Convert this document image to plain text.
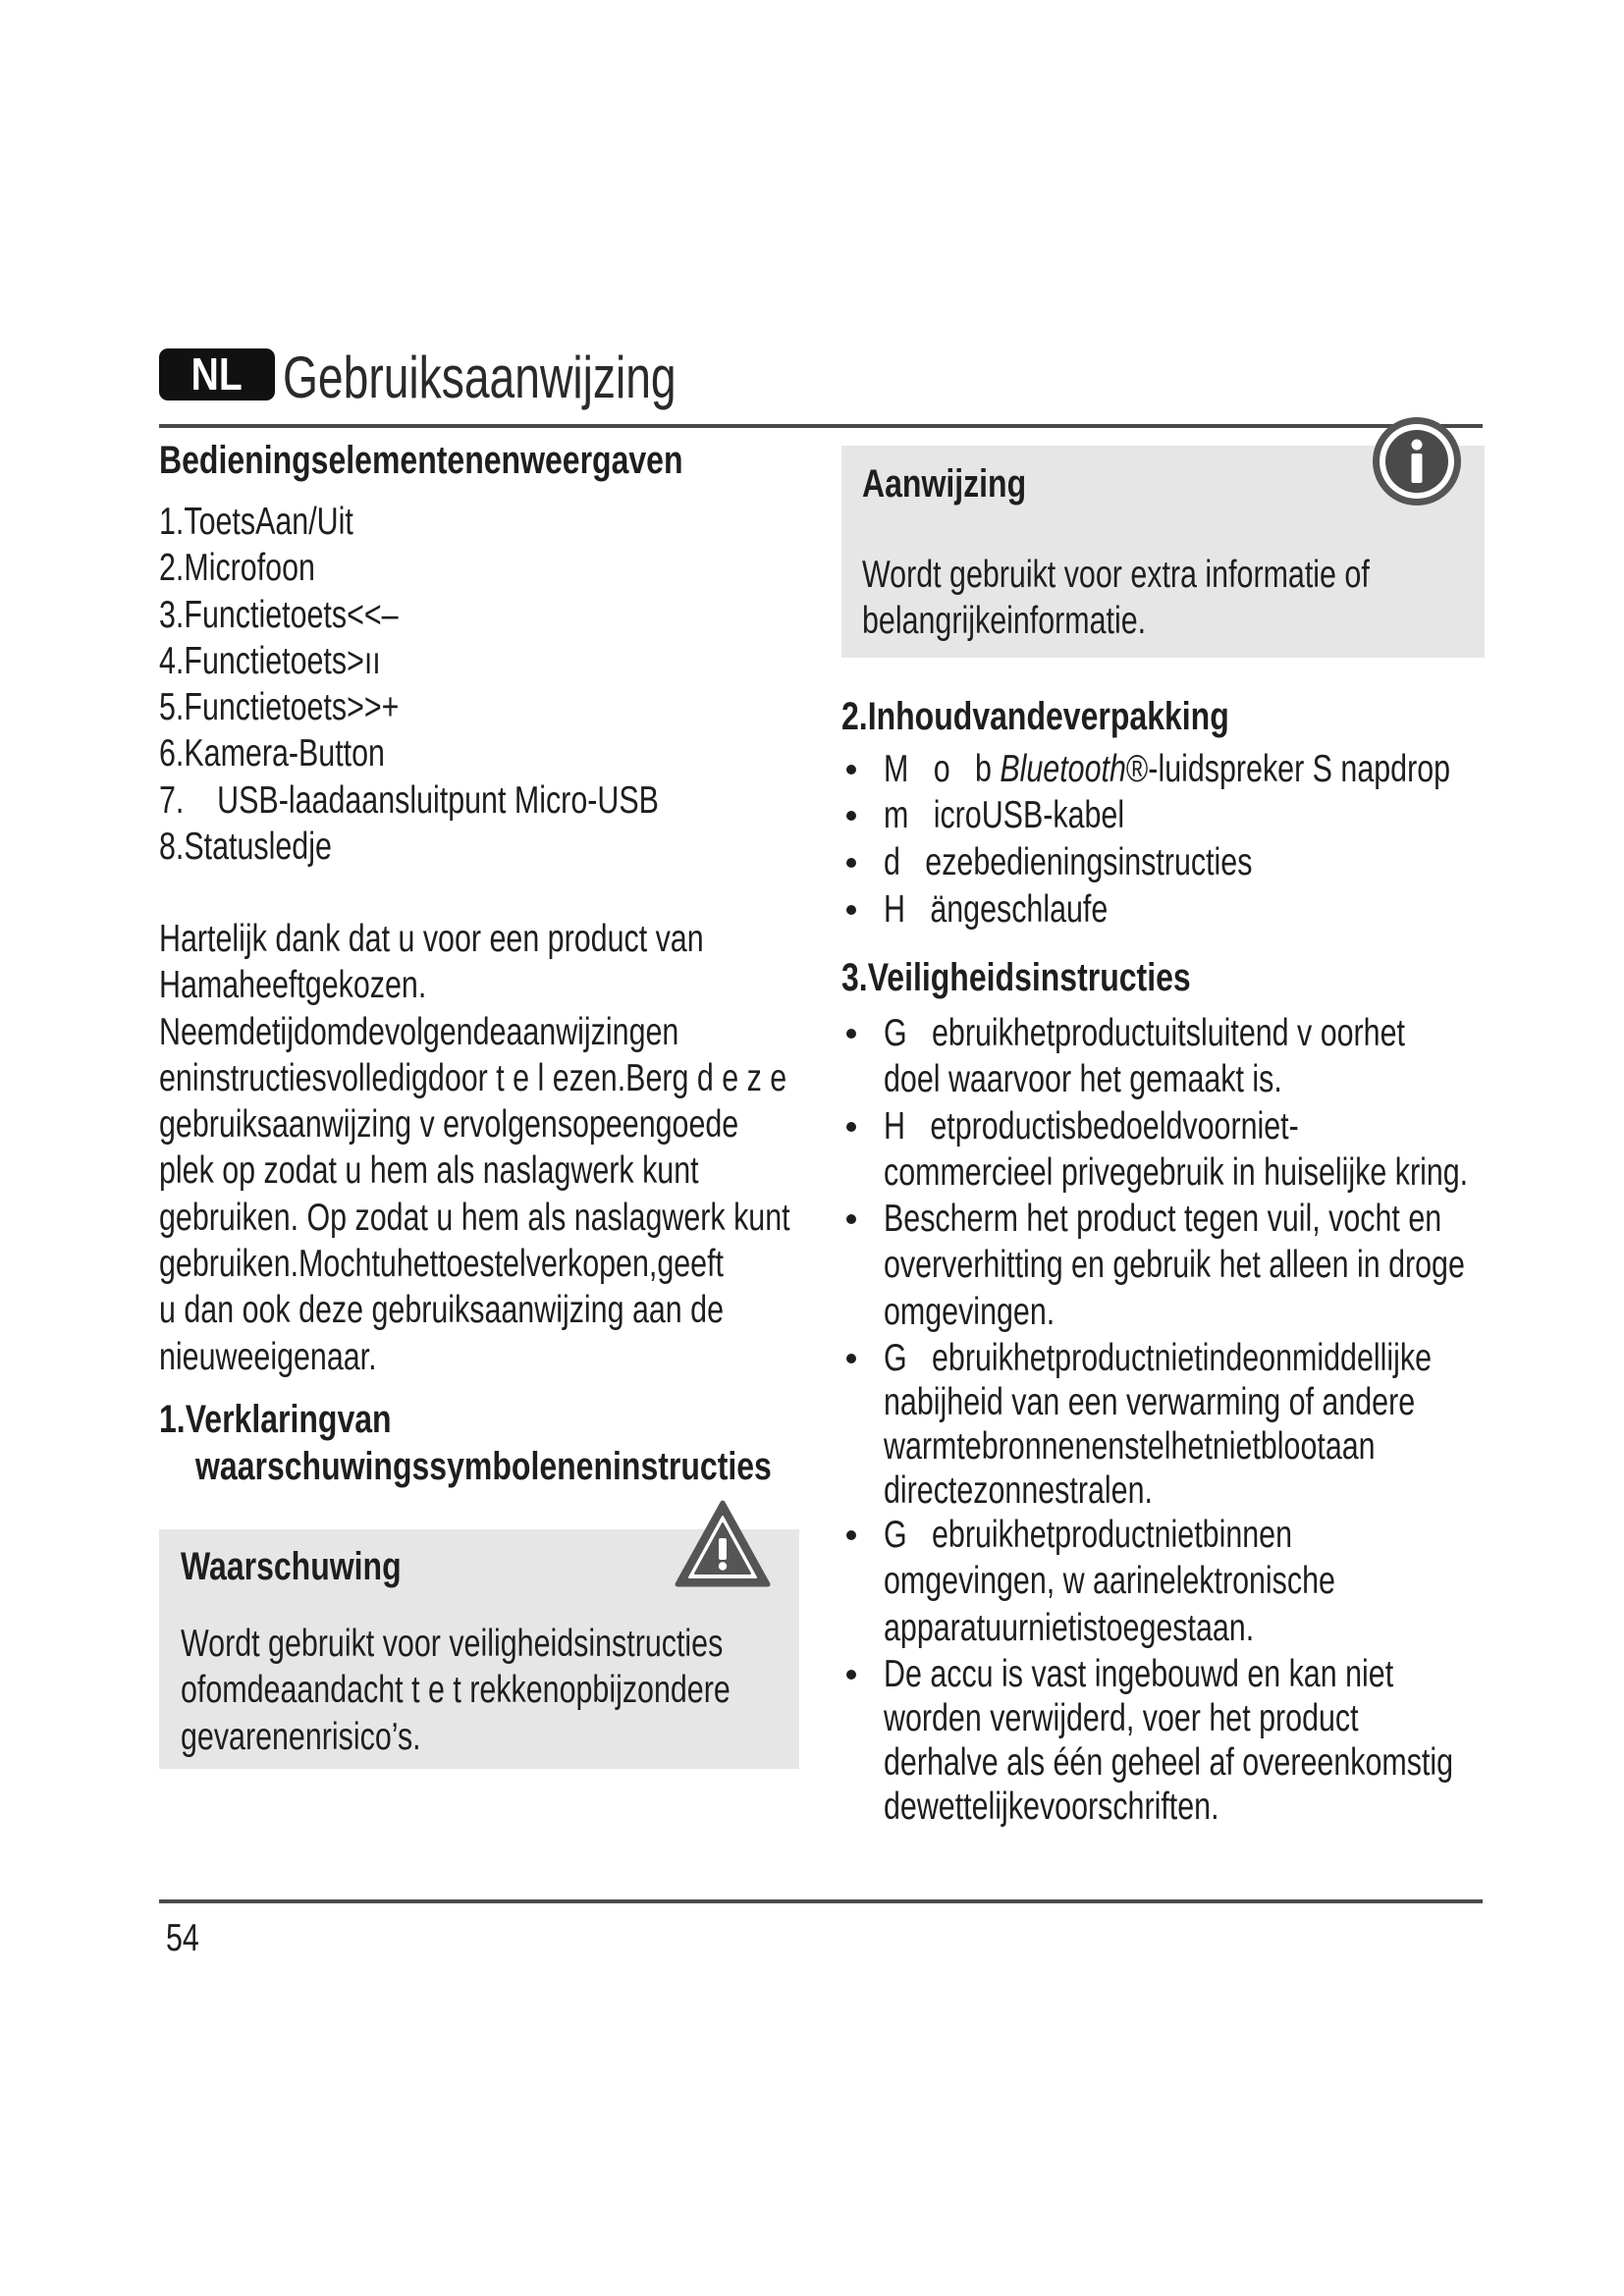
NL Gebruiksaanwijzing
Bedieningselementenenweergaven
1.ToetsAan/Uit
2.Microfoon
3.Functietoets<<–
4.Functietoets>ıı
5.Functietoets>>+
6.Kamera-Button
7.    USB-laadaansluitpunt Micro-USB
8.Statusledje
Hartelijk dank dat u voor een product van
Hamaheeftgekozen.
Neemdetijdomdevolgendeaanwijzingen
eninstructiesvolledigdoor t e l ezen.Berg d e z e
gebruiksaanwijzing v ervolgensopeengoede
plek op zodat u hem als naslagwerk kunt
gebruiken. Op zodat u hem als naslagwerk kunt
gebruiken.Mochtuhettoestelverkopen,geeft
u dan ook deze gebruiksaanwijzing aan de
nieuweeigenaar.
1.Verklaringvan
waarschuwingssymboleneninstructies
Waarschuwing
Wordt gebruikt voor veiligheidsinstructies
ofomdeaandacht t e t rekkenopbijzondere
gevarenenrisico’s.
Aanwijzing
Wordt gebruikt voor extra informatie of
belangrijkeinformatie.
2.Inhoudvandeverpakking
M   o   b Bluetooth®-luidspreker S napdrop
m   icroUSB-kabel
d   ezebedieningsinstructies
H   ängeschlaufe
3.Veiligheidsinstructies
G   ebruikhetproductuitsluitend v oorhet
doel waarvoor het gemaakt is.
H   etproductisbedoeldvoorniet-
commercieel privegebruik in huiselijke kring.
Bescherm het product tegen vuil, vocht en
oververhitting en gebruik het alleen in droge
omgevingen.
G   ebruikhetproductnietindeonmiddellijke
nabijheid van een verwarming of andere
warmtebronnenenstelhetnietblootaan
directezonnestralen.
G   ebruikhetproductnietbinnen
omgevingen, w aarinelektronische
apparatuurnietistoegestaan.
De accu is vast ingebouwd en kan niet
worden verwijderd, voer het product
derhalve als één geheel af overeenkomstig
dewettelijkevoorschriften.
54
